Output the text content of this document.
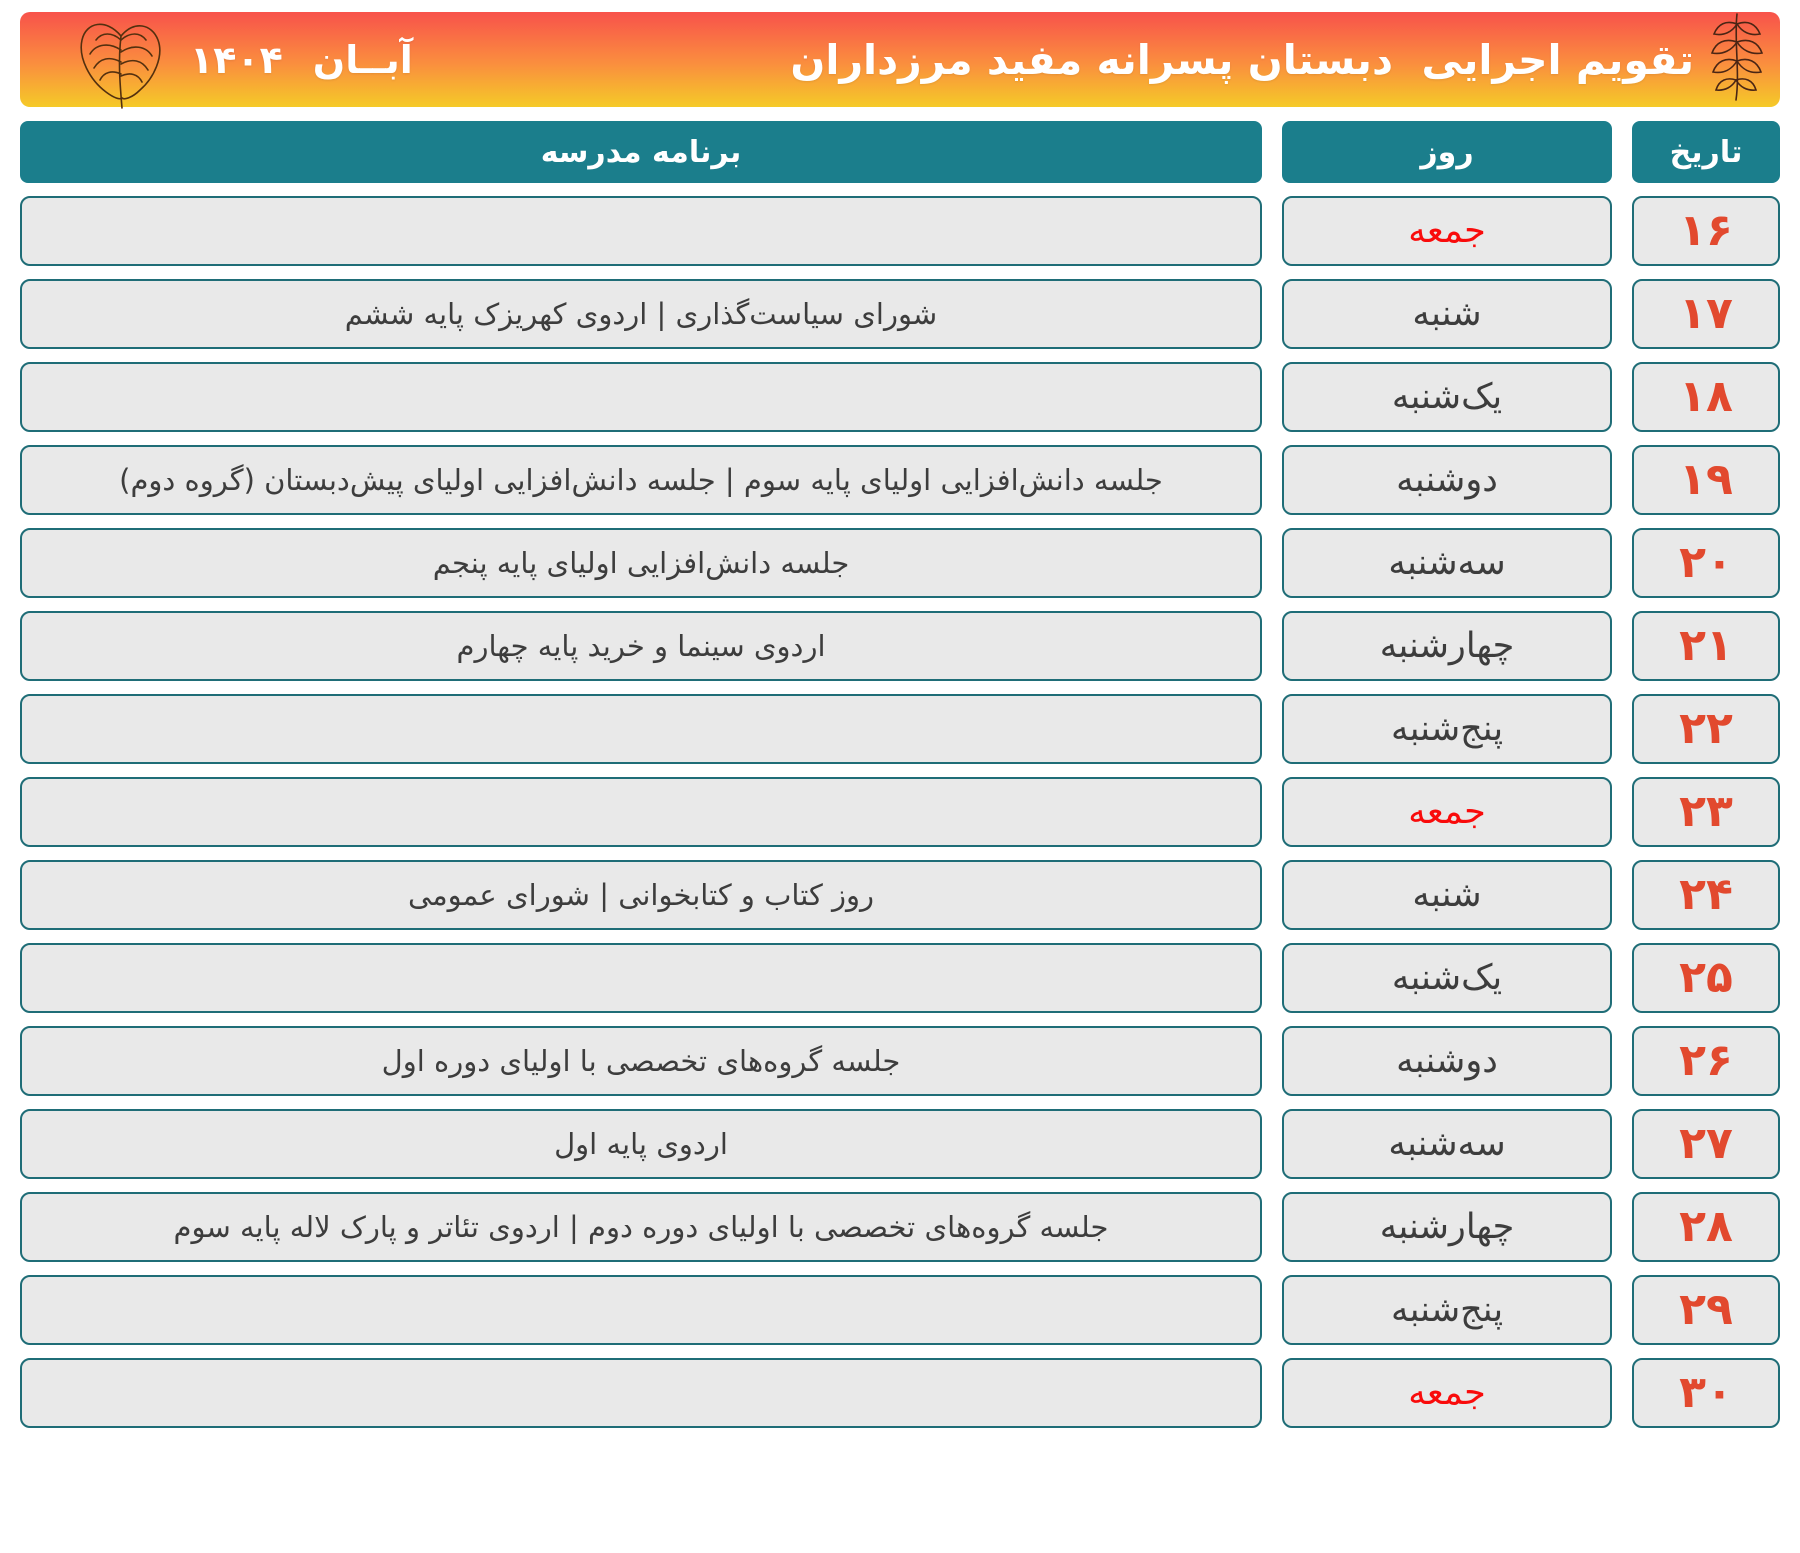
تقویم اجرایی  دبستان پسرانه مفید مرزداران
آبــان
۱۴۰۴
تاریخ
روز
برنامه مدرسه
۱۶
جمعه
۱۷
شنبه
شورای سیاست‌گذاری | اردوی کهریزک پایه ششم
۱۸
یک‌شنبه
۱۹
دوشنبه
جلسه دانش‌افزایی اولیای پایه سوم | جلسه دانش‌افزایی اولیای پیش‌دبستان (گروه دوم)
۲۰
سه‌شنبه
جلسه دانش‌افزایی اولیای پایه پنجم
۲۱
چهارشنبه
اردوی سینما و خرید پایه چهارم
۲۲
پنج‌شنبه
۲۳
جمعه
۲۴
شنبه
روز کتاب و کتابخوانی | شورای عمومی
۲۵
یک‌شنبه
۲۶
دوشنبه
جلسه گروه‌های تخصصی با اولیای دوره اول
۲۷
سه‌شنبه
اردوی پایه اول
۲۸
چهارشنبه
جلسه گروه‌های تخصصی با اولیای دوره دوم | اردوی تئاتر و پارک لاله پایه سوم
۲۹
پنج‌شنبه
۳۰
جمعه
